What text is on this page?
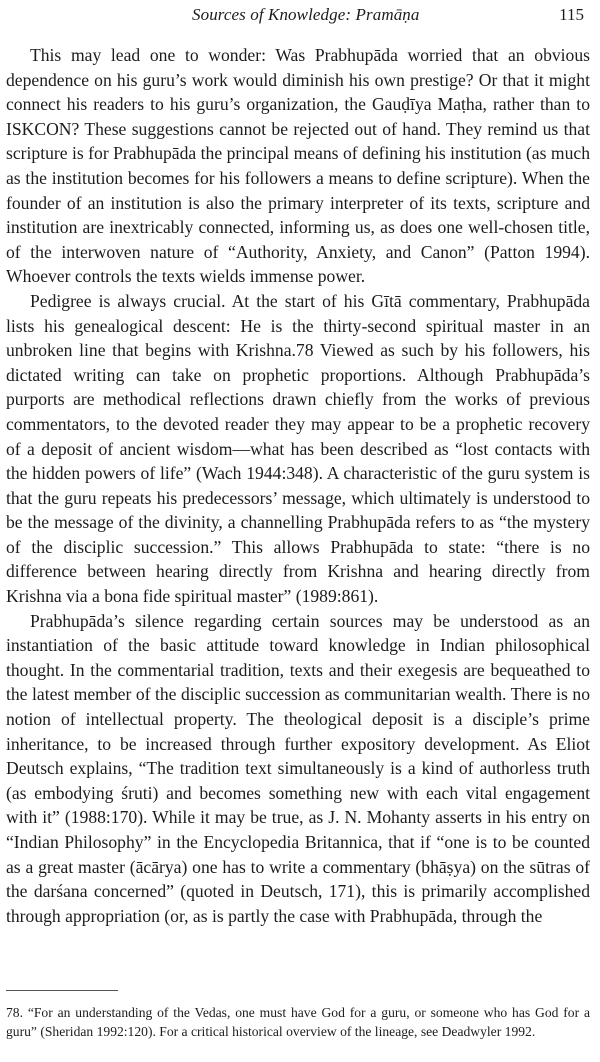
Sources of Knowledge: Pramāṇa	115

This may lead one to wonder: Was Prabhupāda worried that an obvious dependence on his guru’s work would diminish his own prestige? Or that it might connect his readers to his guru’s organization, the Gauḍīya Maṭha, rather than to ISKCON? These suggestions cannot be rejected out of hand. They remind us that scripture is for Prabhupāda the principal means of defining his institution (as much as the institution becomes for his followers a means to define scripture). When the founder of an institution is also the primary interpreter of its texts, scripture and institution are inextricably connected, informing us, as does one well-chosen title, of the interwoven nature of “Authority, Anxiety, and Canon” (Patton 1994). Whoever controls the texts wields immense power.

Pedigree is always crucial. At the start of his Gītā commentary, Prabhupāda lists his genealogical descent: He is the thirty-second spiritual master in an unbroken line that begins with Krishna.78 Viewed as such by his followers, his dictated writing can take on prophetic proportions. Although Prabhupāda’s purports are methodical reflections drawn chiefly from the works of previous commentators, to the devoted reader they may appear to be a prophetic recovery of a deposit of ancient wisdom—what has been described as “lost contacts with the hidden powers of life” (Wach 1944:348). A characteristic of the guru system is that the guru repeats his predecessors’ message, which ultimately is understood to be the message of the divinity, a channelling Prabhupāda refers to as “the mystery of the disciplic succession.” This allows Prabhupāda to state: “there is no difference between hearing directly from Krishna and hearing directly from Krishna via a bona fide spiritual master” (1989:861).

Prabhupāda’s silence regarding certain sources may be understood as an instantiation of the basic attitude toward knowledge in Indian philosophical thought. In the commentarial tradition, texts and their exegesis are bequeathed to the latest member of the disciplic succession as communitarian wealth. There is no notion of intellectual property. The theological deposit is a disciple’s prime inheritance, to be increased through further expository development. As Eliot Deutsch explains, “The tradition text simultaneously is a kind of authorless truth (as embodying śruti) and becomes something new with each vital engagement with it” (1988:170). While it may be true, as J. N. Mohanty asserts in his entry on “Indian Philosophy” in the Encyclopedia Britannica, that if “one is to be counted as a great master (ācārya) one has to write a commentary (bhāṣya) on the sūtras of the darśana concerned” (quoted in Deutsch, 171), this is primarily accomplished through appropriation (or, as is partly the case with Prabhupāda, through the

78. “For an understanding of the Vedas, one must have God for a guru, or someone who has God for a guru” (Sheridan 1992:120). For a critical historical overview of the lineage, see Deadwyler 1992.
